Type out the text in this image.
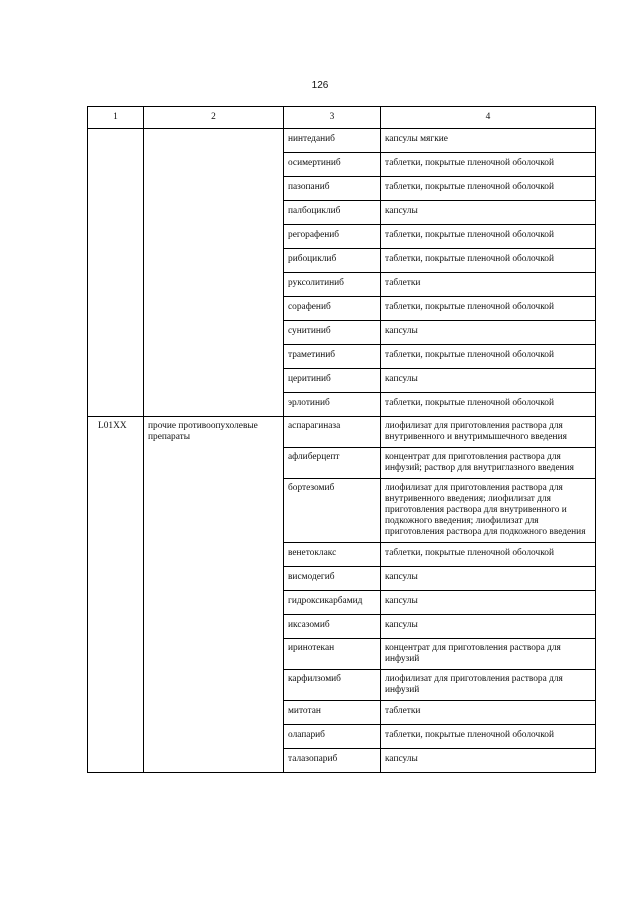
126
1	2	3	4
		нинтеданиб	капсулы мягкие
		осимертиниб	таблетки, покрытые пленочной оболочкой
		пазопаниб	таблетки, покрытые пленочной оболочкой
		палбоциклиб	капсулы
		регорафениб	таблетки, покрытые пленочной оболочкой
		рибоциклиб	таблетки, покрытые пленочной оболочкой
		руксолитиниб	таблетки
		сорафениб	таблетки, покрытые пленочной оболочкой
		сунитиниб	капсулы
		траметиниб	таблетки, покрытые пленочной оболочкой
		церитиниб	капсулы
		эрлотиниб	таблетки, покрытые пленочной оболочкой
L01XX	прочие противоопухолевые препараты	аспарагиназа	лиофилизат для приготовления раствора для внутривенного и внутримышечного введения
		афлиберцепт	концентрат для приготовления раствора для инфузий; раствор для внутриглазного введения
		бортезомиб	лиофилизат для приготовления раствора для внутривенного введения; лиофилизат для приготовления раствора для внутривенного и подкожного введения; лиофилизат для приготовления раствора для подкожного введения
		венетоклакс	таблетки, покрытые пленочной оболочкой
		висмодегиб	капсулы
		гидроксикарбамид	капсулы
		иксазомиб	капсулы
		иринотекан	концентрат для приготовления раствора для инфузий
		карфилзомиб	лиофилизат для приготовления раствора для инфузий
		митотан	таблетки
		олапариб	таблетки, покрытые пленочной оболочкой
		талазопариб	капсулы
